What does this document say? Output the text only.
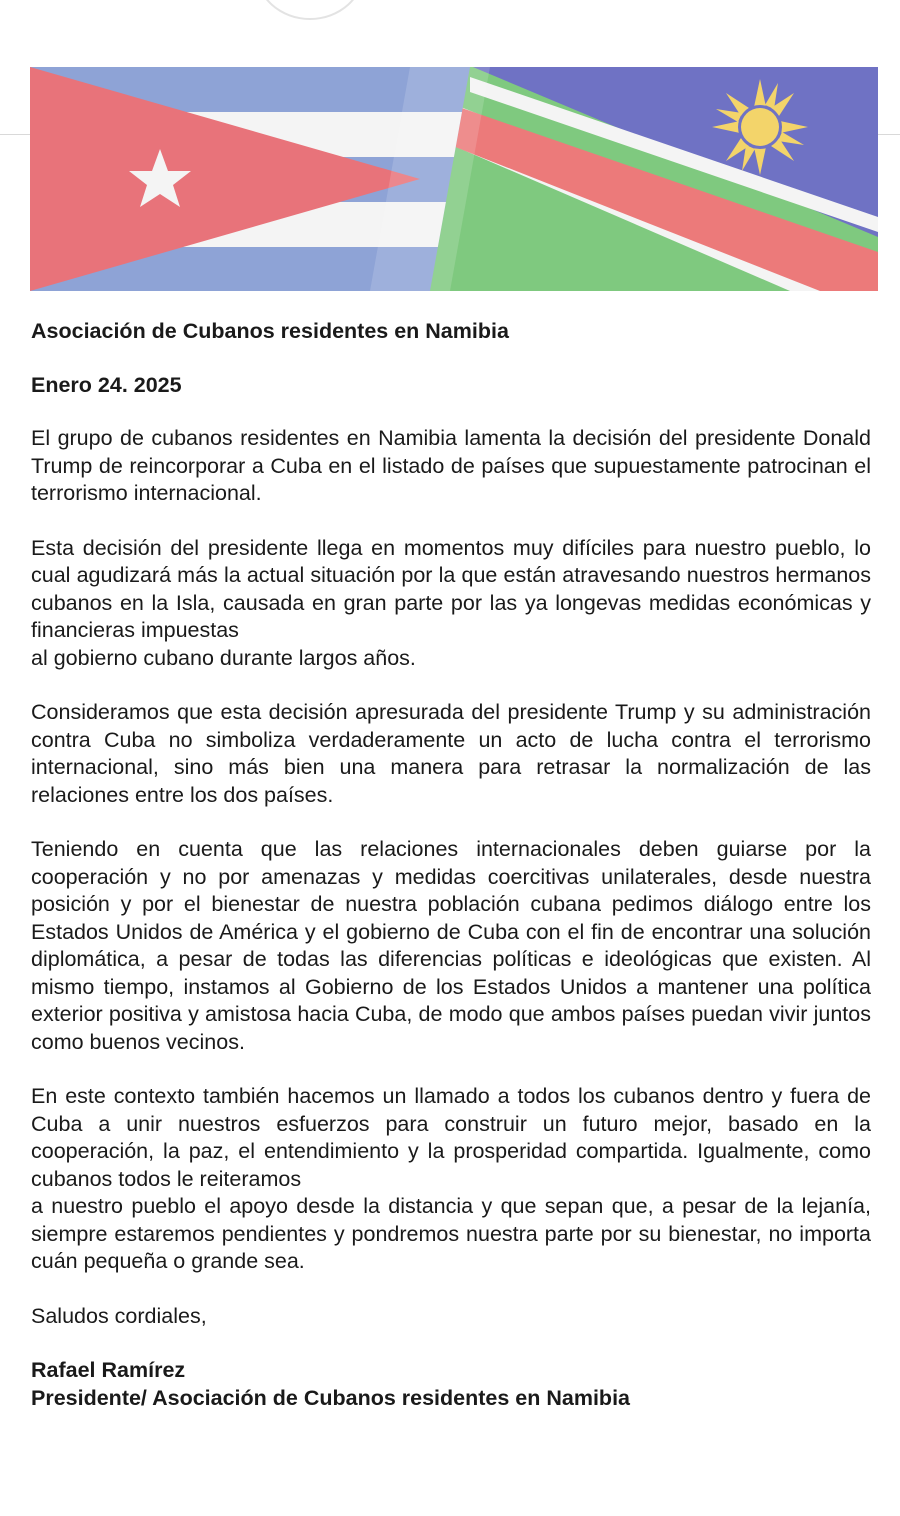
Asociación de Cubanos residentes en Namibia

Enero 24. 2025

El grupo de cubanos residentes en Namibia lamenta la decisión del presidente Donald Trump de reincorporar a Cuba en el listado de países que supuestamente patrocinan el terrorismo internacional.

Esta decisión del presidente llega en momentos muy difíciles para nuestro pueblo, lo cual agudizará más la actual situación por la que están atravesando nuestros hermanos cubanos en la Isla, causada en gran parte por las ya longevas medidas económicas y financieras impuestas
al gobierno cubano durante largos años.

Consideramos que esta decisión apresurada del presidente Trump y su administración contra Cuba no simboliza verdaderamente un acto de lucha contra el terrorismo internacional, sino más bien una manera para retrasar la normalización de las relaciones entre los dos países.

Teniendo en cuenta que las relaciones internacionales deben guiarse por la cooperación y no por amenazas y medidas coercitivas unilaterales, desde nuestra posición y por el bienestar de nuestra población cubana pedimos diálogo entre los Estados Unidos de América y el gobierno de Cuba con el fin de encontrar una solución diplomática, a pesar de todas las diferencias políticas e ideológicas que existen. Al mismo tiempo, instamos al Gobierno de los Estados Unidos a mantener una política exterior positiva y amistosa hacia Cuba, de modo que ambos países puedan vivir juntos como buenos vecinos.

En este contexto también hacemos un llamado a todos los cubanos dentro y fuera de Cuba a unir nuestros esfuerzos para construir un futuro mejor, basado en la cooperación, la paz, el entendimiento y la prosperidad compartida. Igualmente, como cubanos todos le reiteramos
a nuestro pueblo el apoyo desde la distancia y que sepan que, a pesar de la lejanía, siempre estaremos pendientes y pondremos nuestra parte por su bienestar, no importa cuán pequeña o grande sea.

Saludos cordiales,

Rafael Ramírez
Presidente/ Asociación de Cubanos residentes en Namibia
